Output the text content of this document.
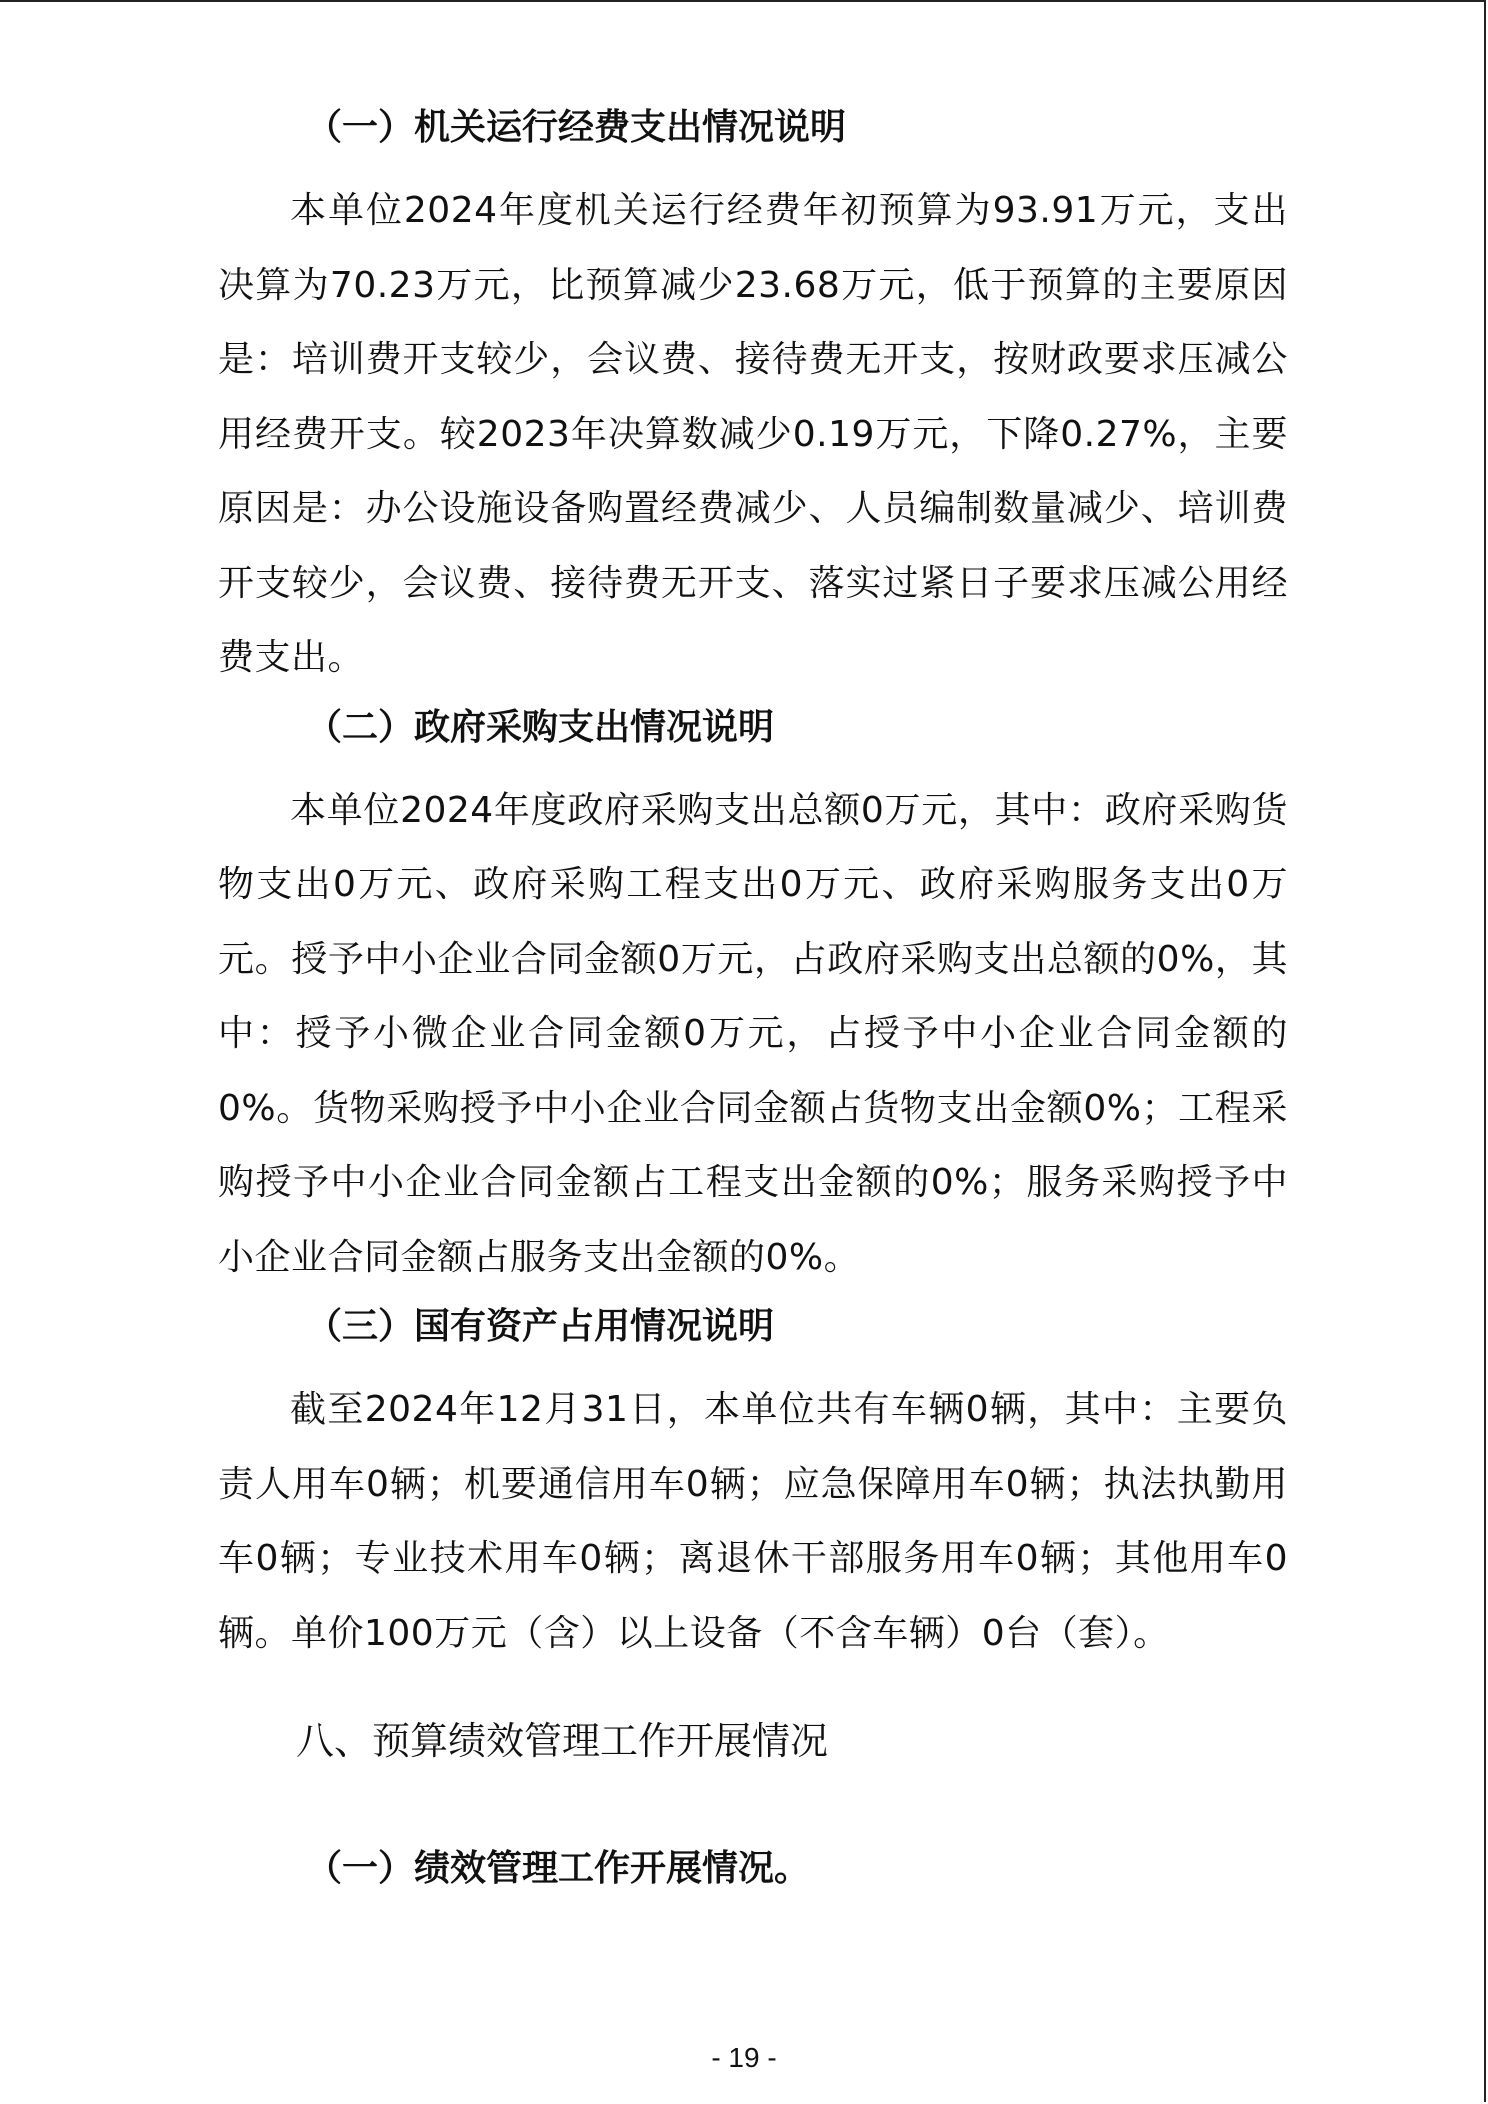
（一）机关运行经费支出情况说明

本单位2024年度机关运行经费年初预算为93.91万元，支出决算为70.23万元，比预算减少23.68万元，低于预算的主要原因是：培训费开支较少，会议费、接待费无开支，按财政要求压减公用经费开支。较2023年决算数减少0.19万元，下降0.27%，主要原因是：办公设施设备购置经费减少、人员编制数量减少、培训费开支较少，会议费、接待费无开支、落实过紧日子要求压减公用经费支出。

（二）政府采购支出情况说明

本单位2024年度政府采购支出总额0万元，其中：政府采购货物支出0万元、政府采购工程支出0万元、政府采购服务支出0万元。授予中小企业合同金额0万元，占政府采购支出总额的0%，其中：授予小微企业合同金额0万元，占授予中小企业合同金额的0%。货物采购授予中小企业合同金额占货物支出金额0%；工程采购授予中小企业合同金额占工程支出金额的0%；服务采购授予中小企业合同金额占服务支出金额的0%。

（三）国有资产占用情况说明

截至2024年12月31日，本单位共有车辆0辆，其中：主要负责人用车0辆；机要通信用车0辆；应急保障用车0辆；执法执勤用车0辆；专业技术用车0辆；离退休干部服务用车0辆；其他用车0辆。单价100万元（含）以上设备（不含车辆）0台（套）。

八、预算绩效管理工作开展情况
（一）绩效管理工作开展情况。
- 19 -
